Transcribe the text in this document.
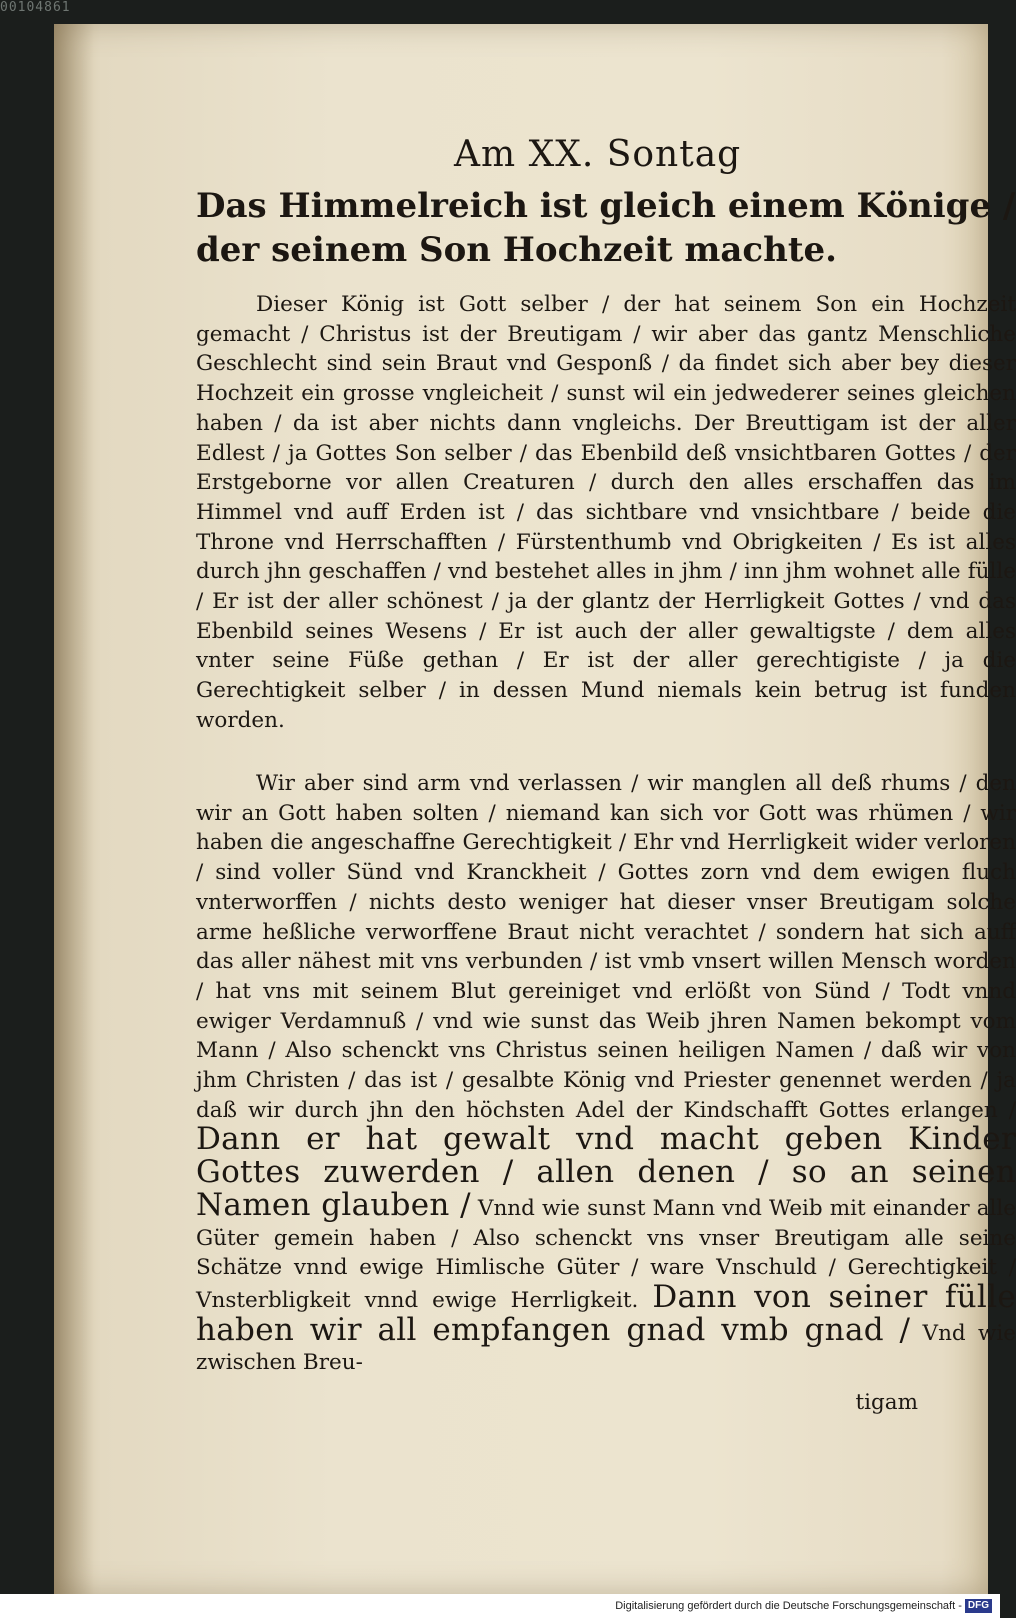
00104861
Am XX. Sontag
Das Himmelreich ist gleich einem Könige / der seinem Son Hochzeit machte.

Dieser König ist Gott selber / der hat seinem Son ein Hochzeit gemacht / Christus ist der Breutigam / wir aber das gantz Menschliche Geschlecht sind sein Braut vnd Gesponß / da findet sich aber bey dieser Hochzeit ein grosse vngleicheit / sunst wil ein jedwederer seines gleichen haben / da ist aber nichts dann vngleichs. Der Breuttigam ist der aller Edlest / ja Gottes Son selber / das Ebenbild deß vnsichtbaren Gottes / der Erstgeborne vor allen Creaturen / durch den alles erschaffen das im Himmel vnd auff Erden ist / das sichtbare vnd vnsichtbare / beide die Throne vnd Herrschafften / Fürstenthumb vnd Obrigkeiten / Es ist alles durch jhn geschaffen / vnd bestehet alles in jhm / inn jhm wohnet alle fülle / Er ist der aller schönest / ja der glantz der Herrligkeit Gottes / vnd das Ebenbild seines Wesens / Er ist auch der aller gewaltigste / dem alles vnter seine Füße gethan / Er ist der aller gerechtigiste / ja die Gerechtigkeit selber / in dessen Mund niemals kein betrug ist funden worden.

Wir aber sind arm vnd verlassen / wir manglen all deß rhums / den wir an Gott haben solten / niemand kan sich vor Gott was rhümen / wir haben die angeschaffne Gerechtigkeit / Ehr vnd Herrligkeit wider verloren / sind voller Sünd vnd Kranckheit / Gottes zorn vnd dem ewigen fluch vnterworffen / nichts desto weniger hat dieser vnser Breutigam solche arme heßliche verworffene Braut nicht verachtet / sondern hat sich auff das aller nähest mit vns verbunden / ist vmb vnsert willen Mensch worden / hat vns mit seinem Blut gereiniget vnd erlößt von Sünd / Todt vnnd ewiger Verdamnuß / vnd wie sunst das Weib jhren Namen bekompt vom Mann / Also schenckt vns Christus seinen heiligen Namen / daß wir von jhm Christen / das ist / gesalbte König vnd Priester genennet werden / ja daß wir durch jhn den höchsten Adel der Kindschafft Gottes erlangen / Dann er hat gewalt vnd macht geben Kinder Gottes zuwerden / allen denen / so an seinen Namen glauben / Vnnd wie sunst Mann vnd Weib mit einander alle Güter gemein haben / Also schenckt vns vnser Breutigam alle seine Schätze vnnd ewige Himlische Güter / ware Vnschuld / Gerechtigkeit / Vnsterbligkeit vnnd ewige Herrligkeit. Dann von seiner fülle haben wir all empfangen gnad vmb gnad / Vnd wie zwischen Breu-

tigam
Digitalisierung gefördert durch die Deutsche Forschungsgemeinschaft - DFG
